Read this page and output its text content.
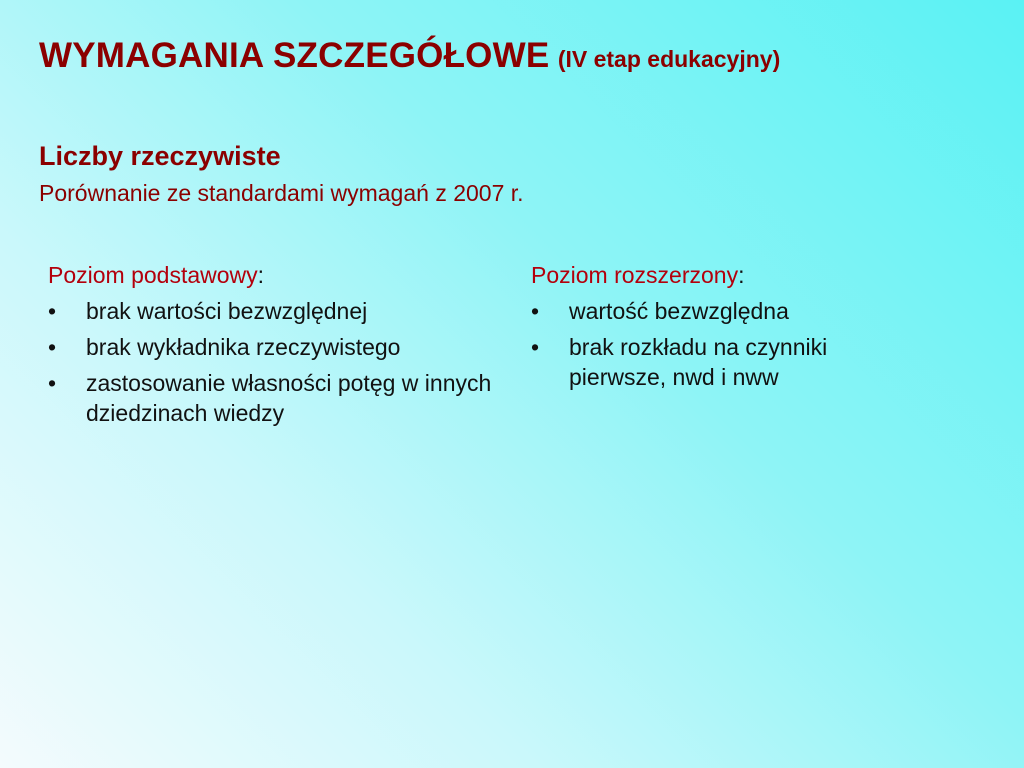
WYMAGANIA SZCZEGÓŁOWE (IV etap edukacyjny)
Liczby rzeczywiste
Porównanie ze standardami wymagań z 2007 r.
Poziom podstawowy:
• brak wartości bezwzględnej
• brak wykładnika rzeczywistego
• zastosowanie własności potęg w innych dziedzinach wiedzy
Poziom rozszerzony:
• wartość bezwzględna
• brak rozkładu na czynniki pierwsze, nwd i nww
